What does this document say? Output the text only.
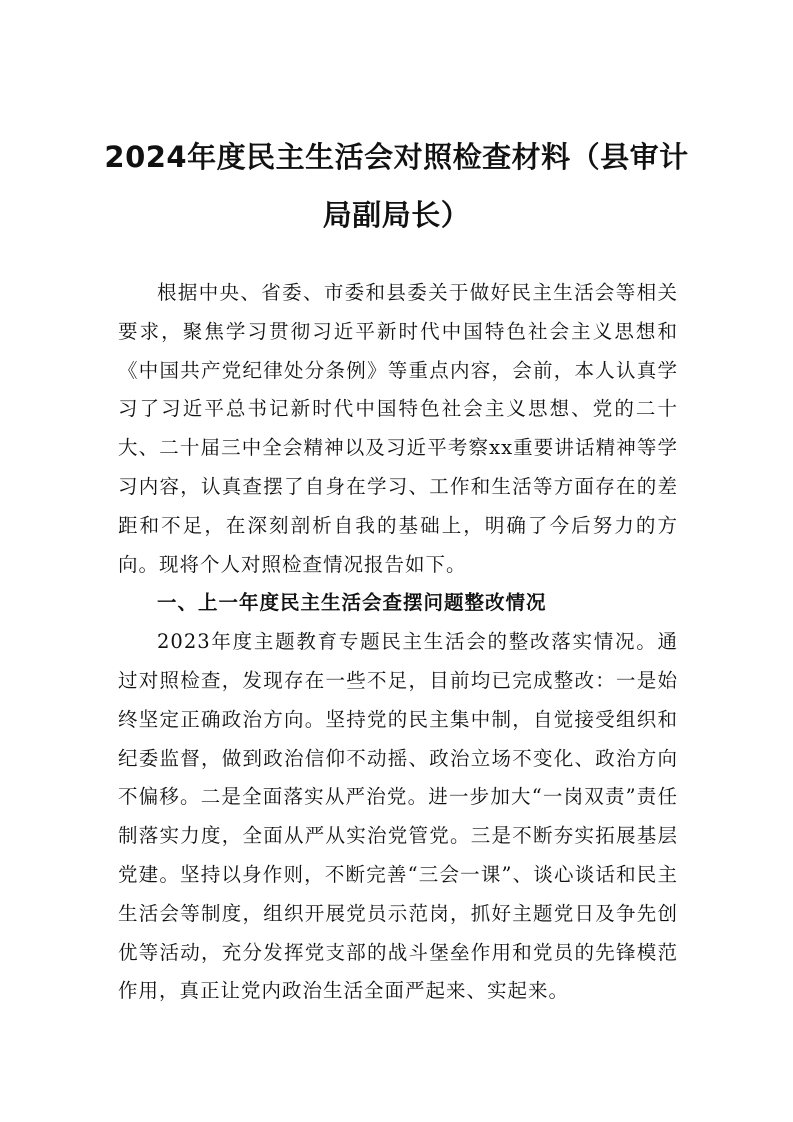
2024年度民主生活会对照检查材料（县审计
局副局长）

根据中央、省委、市委和县委关于做好民主生活会等相关要求，聚焦学习贯彻习近平新时代中国特色社会主义思想和《中国共产党纪律处分条例》等重点内容，会前，本人认真学习了习近平总书记新时代中国特色社会主义思想、党的二十大、二十届三中全会精神以及习近平考察xx重要讲话精神等学习内容，认真查摆了自身在学习、工作和生活等方面存在的差距和不足，在深刻剖析自我的基础上，明确了今后努力的方向。现将个人对照检查情况报告如下。

一、上一年度民主生活会查摆问题整改情况

2023年度主题教育专题民主生活会的整改落实情况。通过对照检查，发现存在一些不足，目前均已完成整改：一是始终坚定正确政治方向。坚持党的民主集中制，自觉接受组织和纪委监督，做到政治信仰不动摇、政治立场不变化、政治方向不偏移。二是全面落实从严治党。进一步加大“一岗双责”责任制落实力度，全面从严从实治党管党。三是不断夯实拓展基层党建。坚持以身作则，不断完善“三会一课”、谈心谈话和民主生活会等制度，组织开展党员示范岗，抓好主题党日及争先创优等活动，充分发挥党支部的战斗堡垒作用和党员的先锋模范作用，真正让党内政治生活全面严起来、实起来。
